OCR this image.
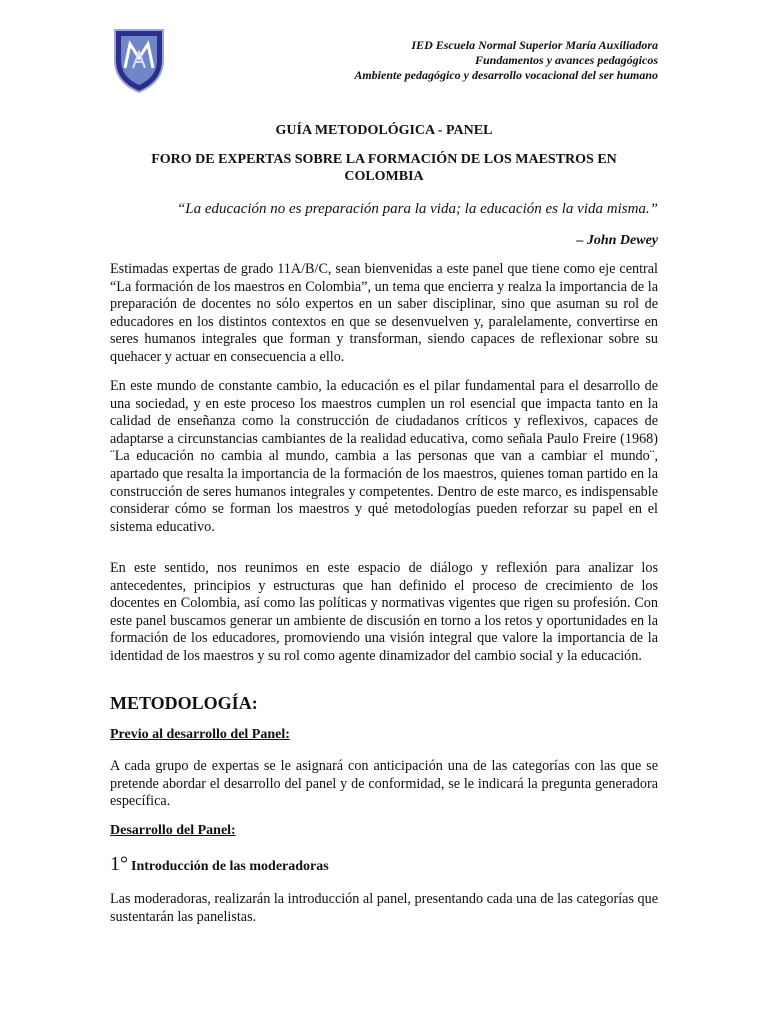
IED Escuela Normal Superior María Auxiliadora
Fundamentos y avances pedagógicos
Ambiente pedagógico y desarrollo vocacional del ser humano
GUÍA METODOLÓGICA - PANEL
FORO DE EXPERTAS SOBRE LA FORMACIÓN DE LOS MAESTROS EN COLOMBIA
“La educación no es preparación para la vida; la educación es la vida misma.”
– John Dewey

Estimadas expertas de grado 11A/B/C, sean bienvenidas a este panel que tiene como eje central “La formación de los maestros en Colombia”, un tema que encierra y realza la importancia de la preparación de docentes no sólo expertos en un saber disciplinar, sino que asuman su rol de educadores en los distintos contextos en que se desenvuelven y, paralelamente, convertirse en seres humanos integrales que forman y transforman, siendo capaces de reflexionar sobre su quehacer y actuar en consecuencia a ello.

En este mundo de constante cambio, la educación es el pilar fundamental para el desarrollo de una sociedad, y en este proceso los maestros cumplen un rol esencial que impacta tanto en la calidad de enseñanza como la construcción de ciudadanos críticos y reflexivos, capaces de adaptarse a circunstancias cambiantes de la realidad educativa, como señala Paulo Freire (1968) ¨La educación no cambia al mundo, cambia a las personas que van a cambiar el mundo¨, apartado que resalta la importancia de la formación de los maestros, quienes toman partido en la construcción de seres humanos integrales y competentes. Dentro de este marco, es indispensable considerar cómo se forman los maestros y qué metodologías pueden reforzar su papel en el sistema educativo.

En este sentido, nos reunimos en este espacio de diálogo y reflexión para analizar los antecedentes, principios y estructuras que han definido el proceso de crecimiento de los docentes en Colombia, así como las políticas y normativas vigentes que rigen su profesión. Con este panel buscamos generar un ambiente de discusión en torno a los retos y oportunidades en la formación de los educadores, promoviendo una visión integral que valore la importancia de la identidad de los maestros y su rol como agente dinamizador del cambio social y la educación.

METODOLOGÍA:
Previo al desarrollo del Panel:

A cada grupo de expertas se le asignará con anticipación una de las categorías con las que se pretende abordar el desarrollo del panel y de conformidad, se le indicará la pregunta generadora específica.

Desarrollo del Panel:
1° Introducción de las moderadoras

Las moderadoras, realizarán la introducción al panel, presentando cada una de las categorías que sustentarán las panelistas.
